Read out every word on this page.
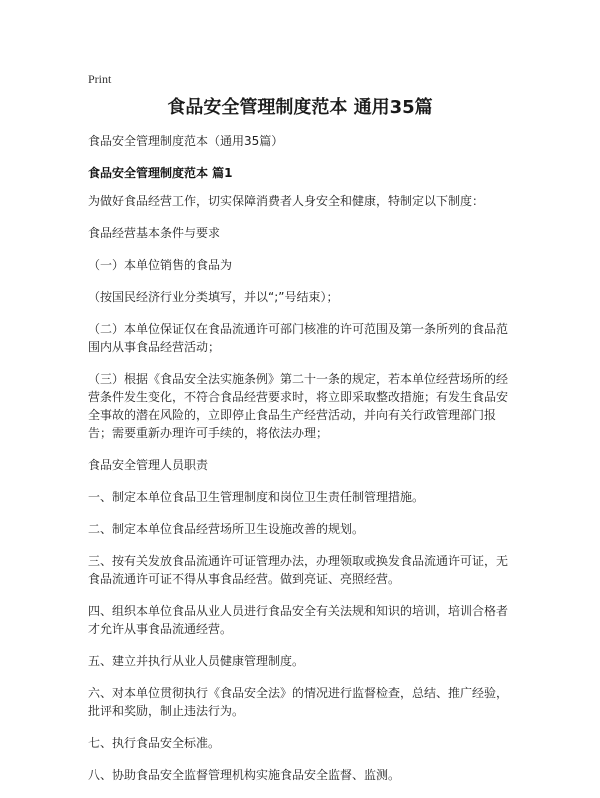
Print
食品安全管理制度范本 通用35篇

食品安全管理制度范本（通用35篇）

食品安全管理制度范本 篇1

为做好食品经营工作，切实保障消费者人身安全和健康，特制定以下制度：

食品经营基本条件与要求

（一）本单位销售的食品为

（按国民经济行业分类填写，并以“;”号结束）；

（二）本单位保证仅在食品流通许可部门核准的许可范围及第一条所列的食品范围内从事食品经营活动；

（三）根据《食品安全法实施条例》第二十一条的规定，若本单位经营场所的经营条件发生变化，不符合食品经营要求时，将立即采取整改措施；有发生食品安全事故的潜在风险的，立即停止食品生产经营活动，并向有关行政管理部门报告；需要重新办理许可手续的，将依法办理；

食品安全管理人员职责

一、制定本单位食品卫生管理制度和岗位卫生责任制管理措施。

二、制定本单位食品经营场所卫生设施改善的规划。

三、按有关发放食品流通许可证管理办法，办理领取或换发食品流通许可证，无食品流通许可证不得从事食品经营。做到亮证、亮照经营。

四、组织本单位食品从业人员进行食品安全有关法规和知识的培训，培训合格者才允许从事食品流通经营。

五、建立并执行从业人员健康管理制度。

六、对本单位贯彻执行《食品安全法》的情况进行监督检查，总结、推广经验，批评和奖励，制止违法行为。

七、执行食品安全标准。

八、协助食品安全监督管理机构实施食品安全监督、监测。
